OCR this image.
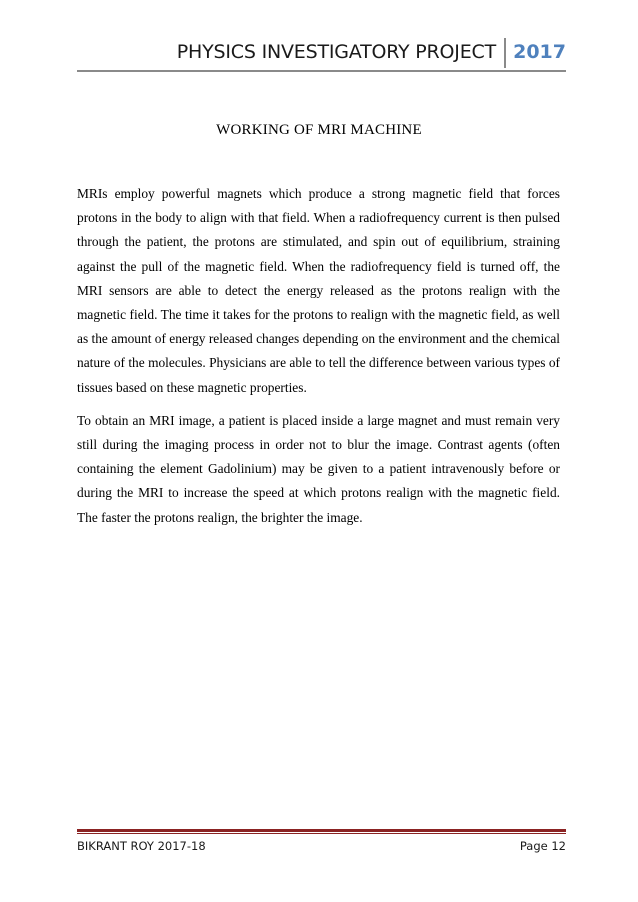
PHYSICS INVESTIGATORY PROJECT 2017
WORKING OF MRI MACHINE

MRIs employ powerful magnets which produce a strong magnetic field that forces protons in the body to align with that field. When a radiofrequency current is then pulsed through the patient, the protons are stimulated, and spin out of equilibrium, straining against the pull of the magnetic field. When the radiofrequency field is turned off, the MRI sensors are able to detect the energy released as the protons realign with the magnetic field. The time it takes for the protons to realign with the magnetic field, as well as the amount of energy released changes depending on the environment and the chemical nature of the molecules. Physicians are able to tell the difference between various types of tissues based on these magnetic properties.

To obtain an MRI image, a patient is placed inside a large magnet and must remain very still during the imaging process in order not to blur the image. Contrast agents (often containing the element Gadolinium) may be given to a patient intravenously before or during the MRI to increase the speed at which protons realign with the magnetic field. The faster the protons realign, the brighter the image.

BIKRANT ROY 2017-18	Page 12
